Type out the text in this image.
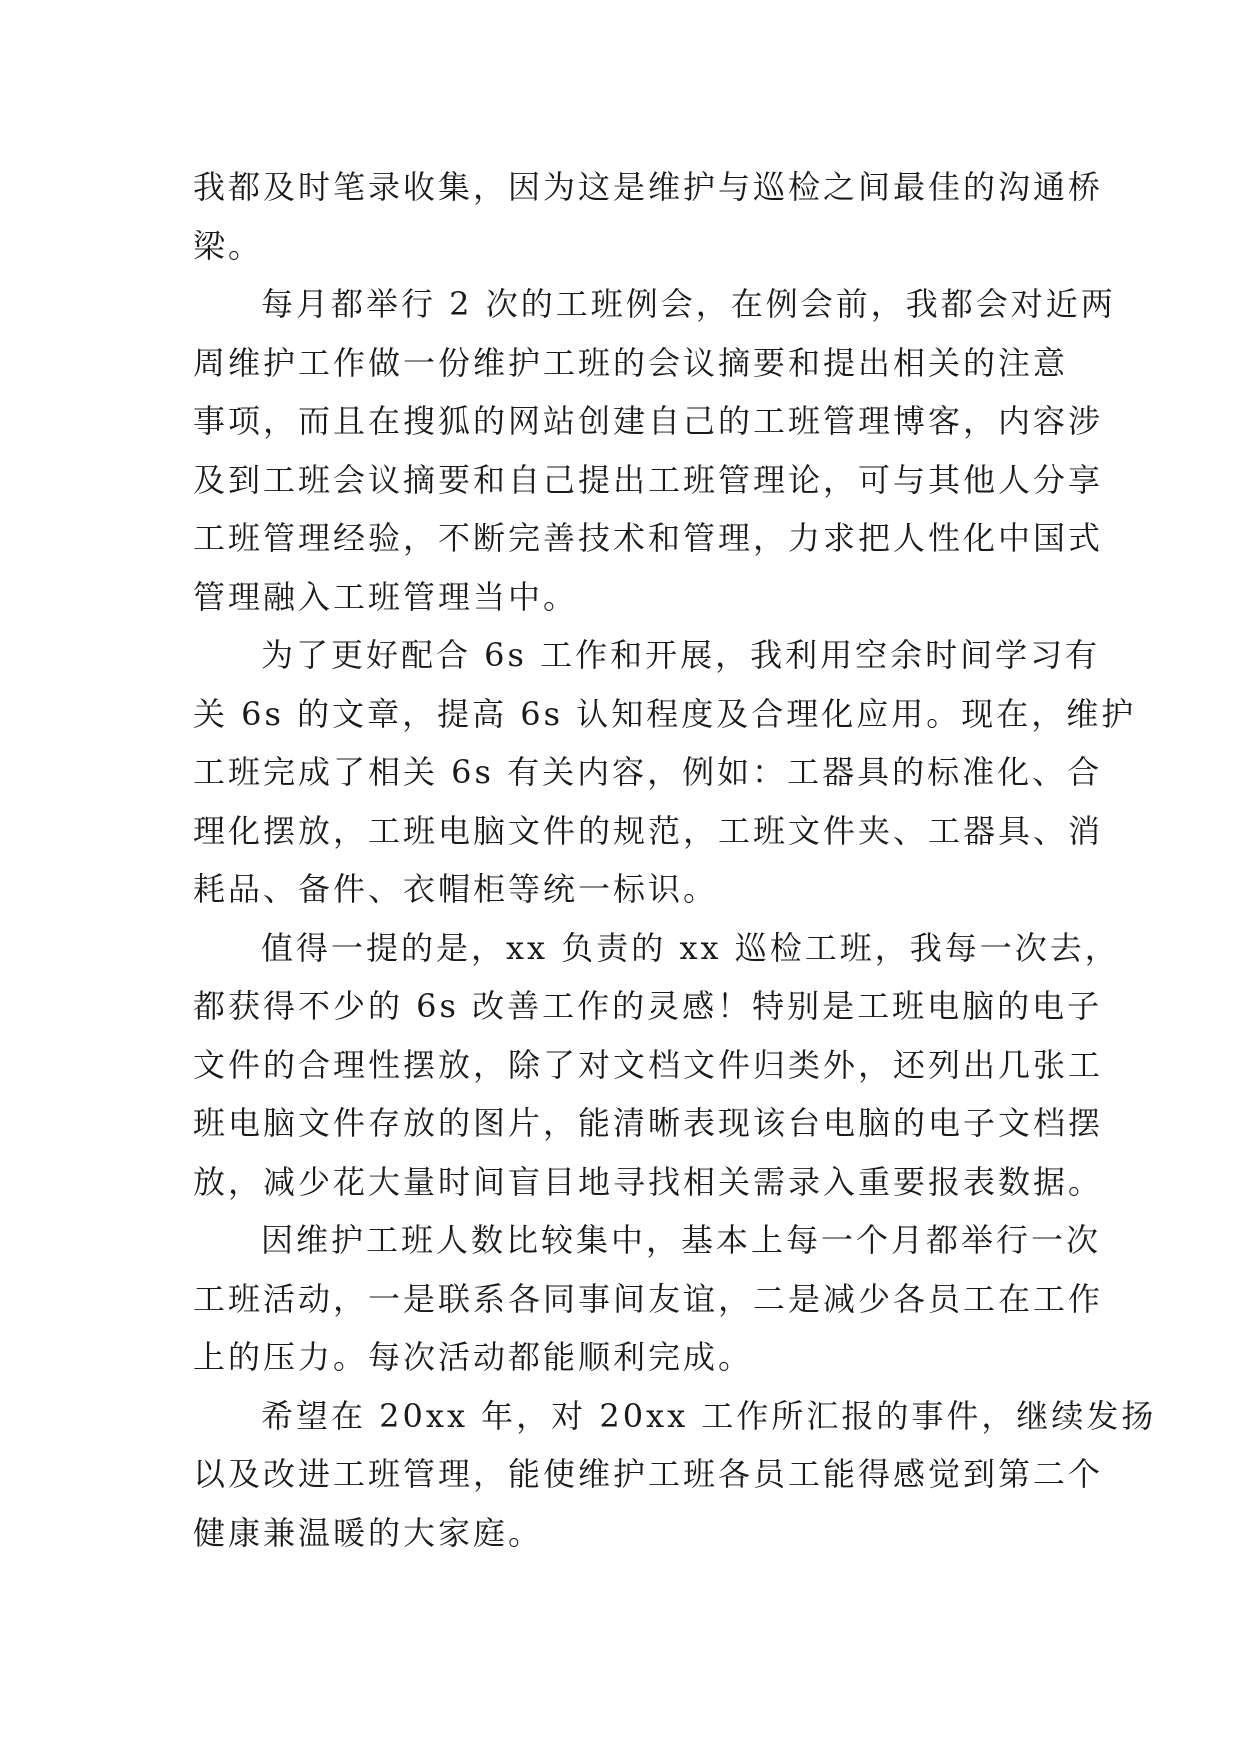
我都及时笔录收集，因为这是维护与巡检之间最佳的沟通桥
梁。
每月都举行 2 次的工班例会，在例会前，我都会对近两
周维护工作做一份维护工班的会议摘要和提出相关的注意
事项，而且在搜狐的网站创建自己的工班管理博客，内容涉
及到工班会议摘要和自己提出工班管理论，可与其他人分享
工班管理经验，不断完善技术和管理，力求把人性化中国式
管理融入工班管理当中。
为了更好配合 6s 工作和开展，我利用空余时间学习有
关 6s 的文章，提高 6s 认知程度及合理化应用。现在，维护
工班完成了相关 6s 有关内容，例如：工器具的标准化、合
理化摆放，工班电脑文件的规范，工班文件夹、工器具、消
耗品、备件、衣帽柜等统一标识。
值得一提的是，xx 负责的 xx 巡检工班，我每一次去，
都获得不少的 6s 改善工作的灵感！特别是工班电脑的电子
文件的合理性摆放，除了对文档文件归类外，还列出几张工
班电脑文件存放的图片，能清晰表现该台电脑的电子文档摆
放，减少花大量时间盲目地寻找相关需录入重要报表数据。
因维护工班人数比较集中，基本上每一个月都举行一次
工班活动，一是联系各同事间友谊，二是减少各员工在工作
上的压力。每次活动都能顺利完成。
希望在 20xx 年，对 20xx 工作所汇报的事件，继续发扬
以及改进工班管理，能使维护工班各员工能得感觉到第二个
健康兼温暖的大家庭。
